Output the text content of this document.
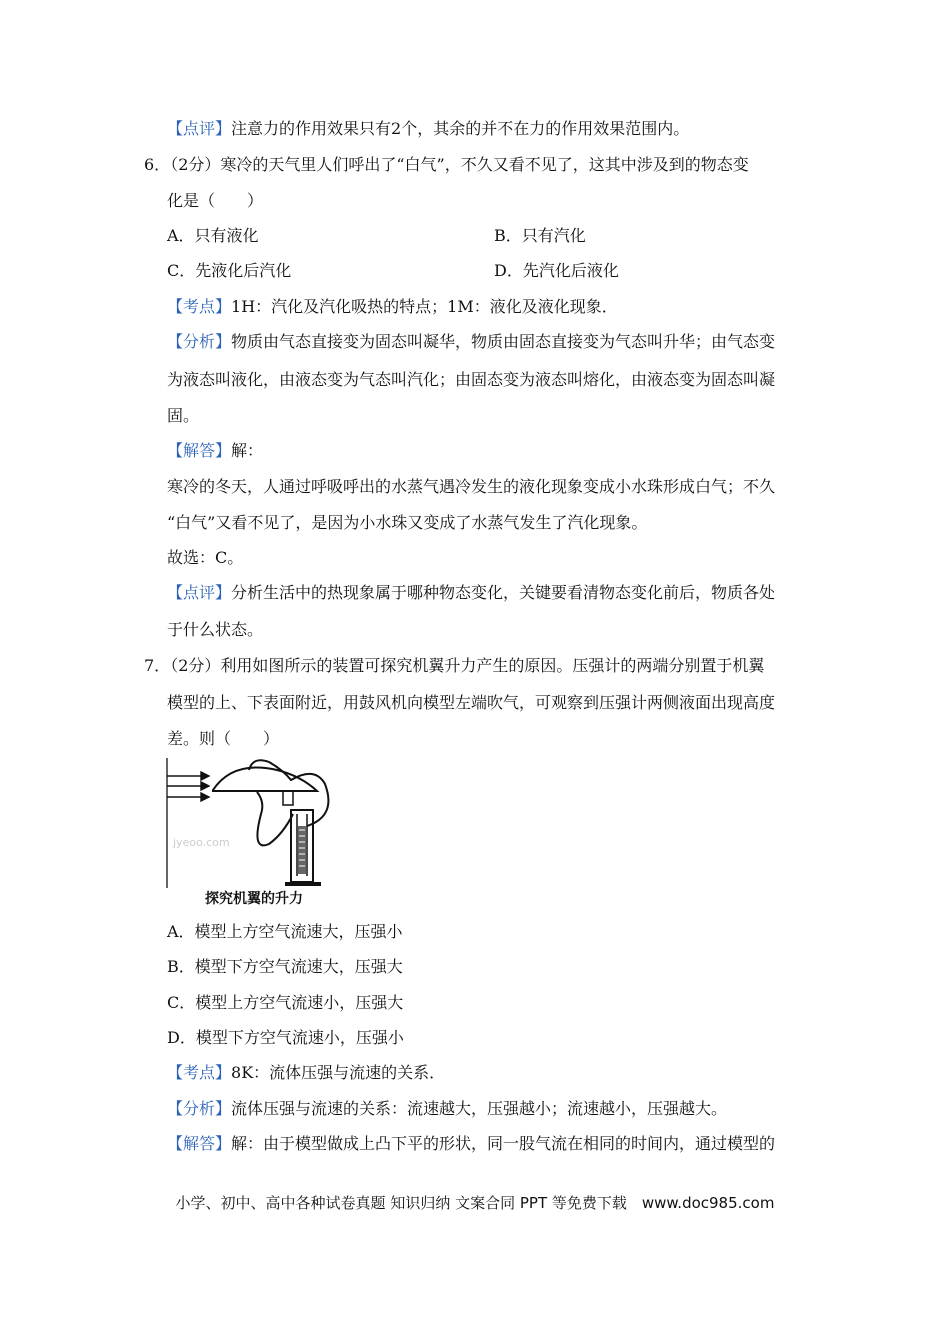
【点评】注意力的作用效果只有2个，其余的并不在力的作用效果范围内。
6．（2分）寒冷的天气里人们呼出了“白气”，不久又看不见了，这其中涉及到的物态变
化是（　　）
A．只有液化	B．只有汽化
C．先液化后汽化	D．先汽化后液化
【考点】1H：汽化及汽化吸热的特点；1M：液化及液化现象．
【分析】物质由气态直接变为固态叫凝华，物质由固态直接变为气态叫升华；由气态变
为液态叫液化，由液态变为气态叫汽化；由固态变为液态叫熔化，由液态变为固态叫凝
固。
【解答】解：
寒冷的冬天，人通过呼吸呼出的水蒸气遇冷发生的液化现象变成小水珠形成白气；不久
“白气”又看不见了，是因为小水珠又变成了水蒸气发生了汽化现象。
故选：C。
【点评】分析生活中的热现象属于哪种物态变化，关键要看清物态变化前后，物质各处
于什么状态。
7．（2分）利用如图所示的装置可探究机翼升力产生的原因。压强计的两端分别置于机翼
模型的上、下表面附近，用鼓风机向模型左端吹气，可观察到压强计两侧液面出现高度
差。则（　　）
jyeoo.com
探究机翼的升力
A．模型上方空气流速大，压强小
B．模型下方空气流速大，压强大
C．模型上方空气流速小，压强大
D．模型下方空气流速小，压强小
【考点】8K：流体压强与流速的关系．
【分析】流体压强与流速的关系：流速越大，压强越小；流速越小，压强越大。
【解答】解：由于模型做成上凸下平的形状，同一股气流在相同的时间内，通过模型的
小学、初中、高中各种试卷真题 知识归纳 文案合同 PPT 等免费下载　www.doc985.com
